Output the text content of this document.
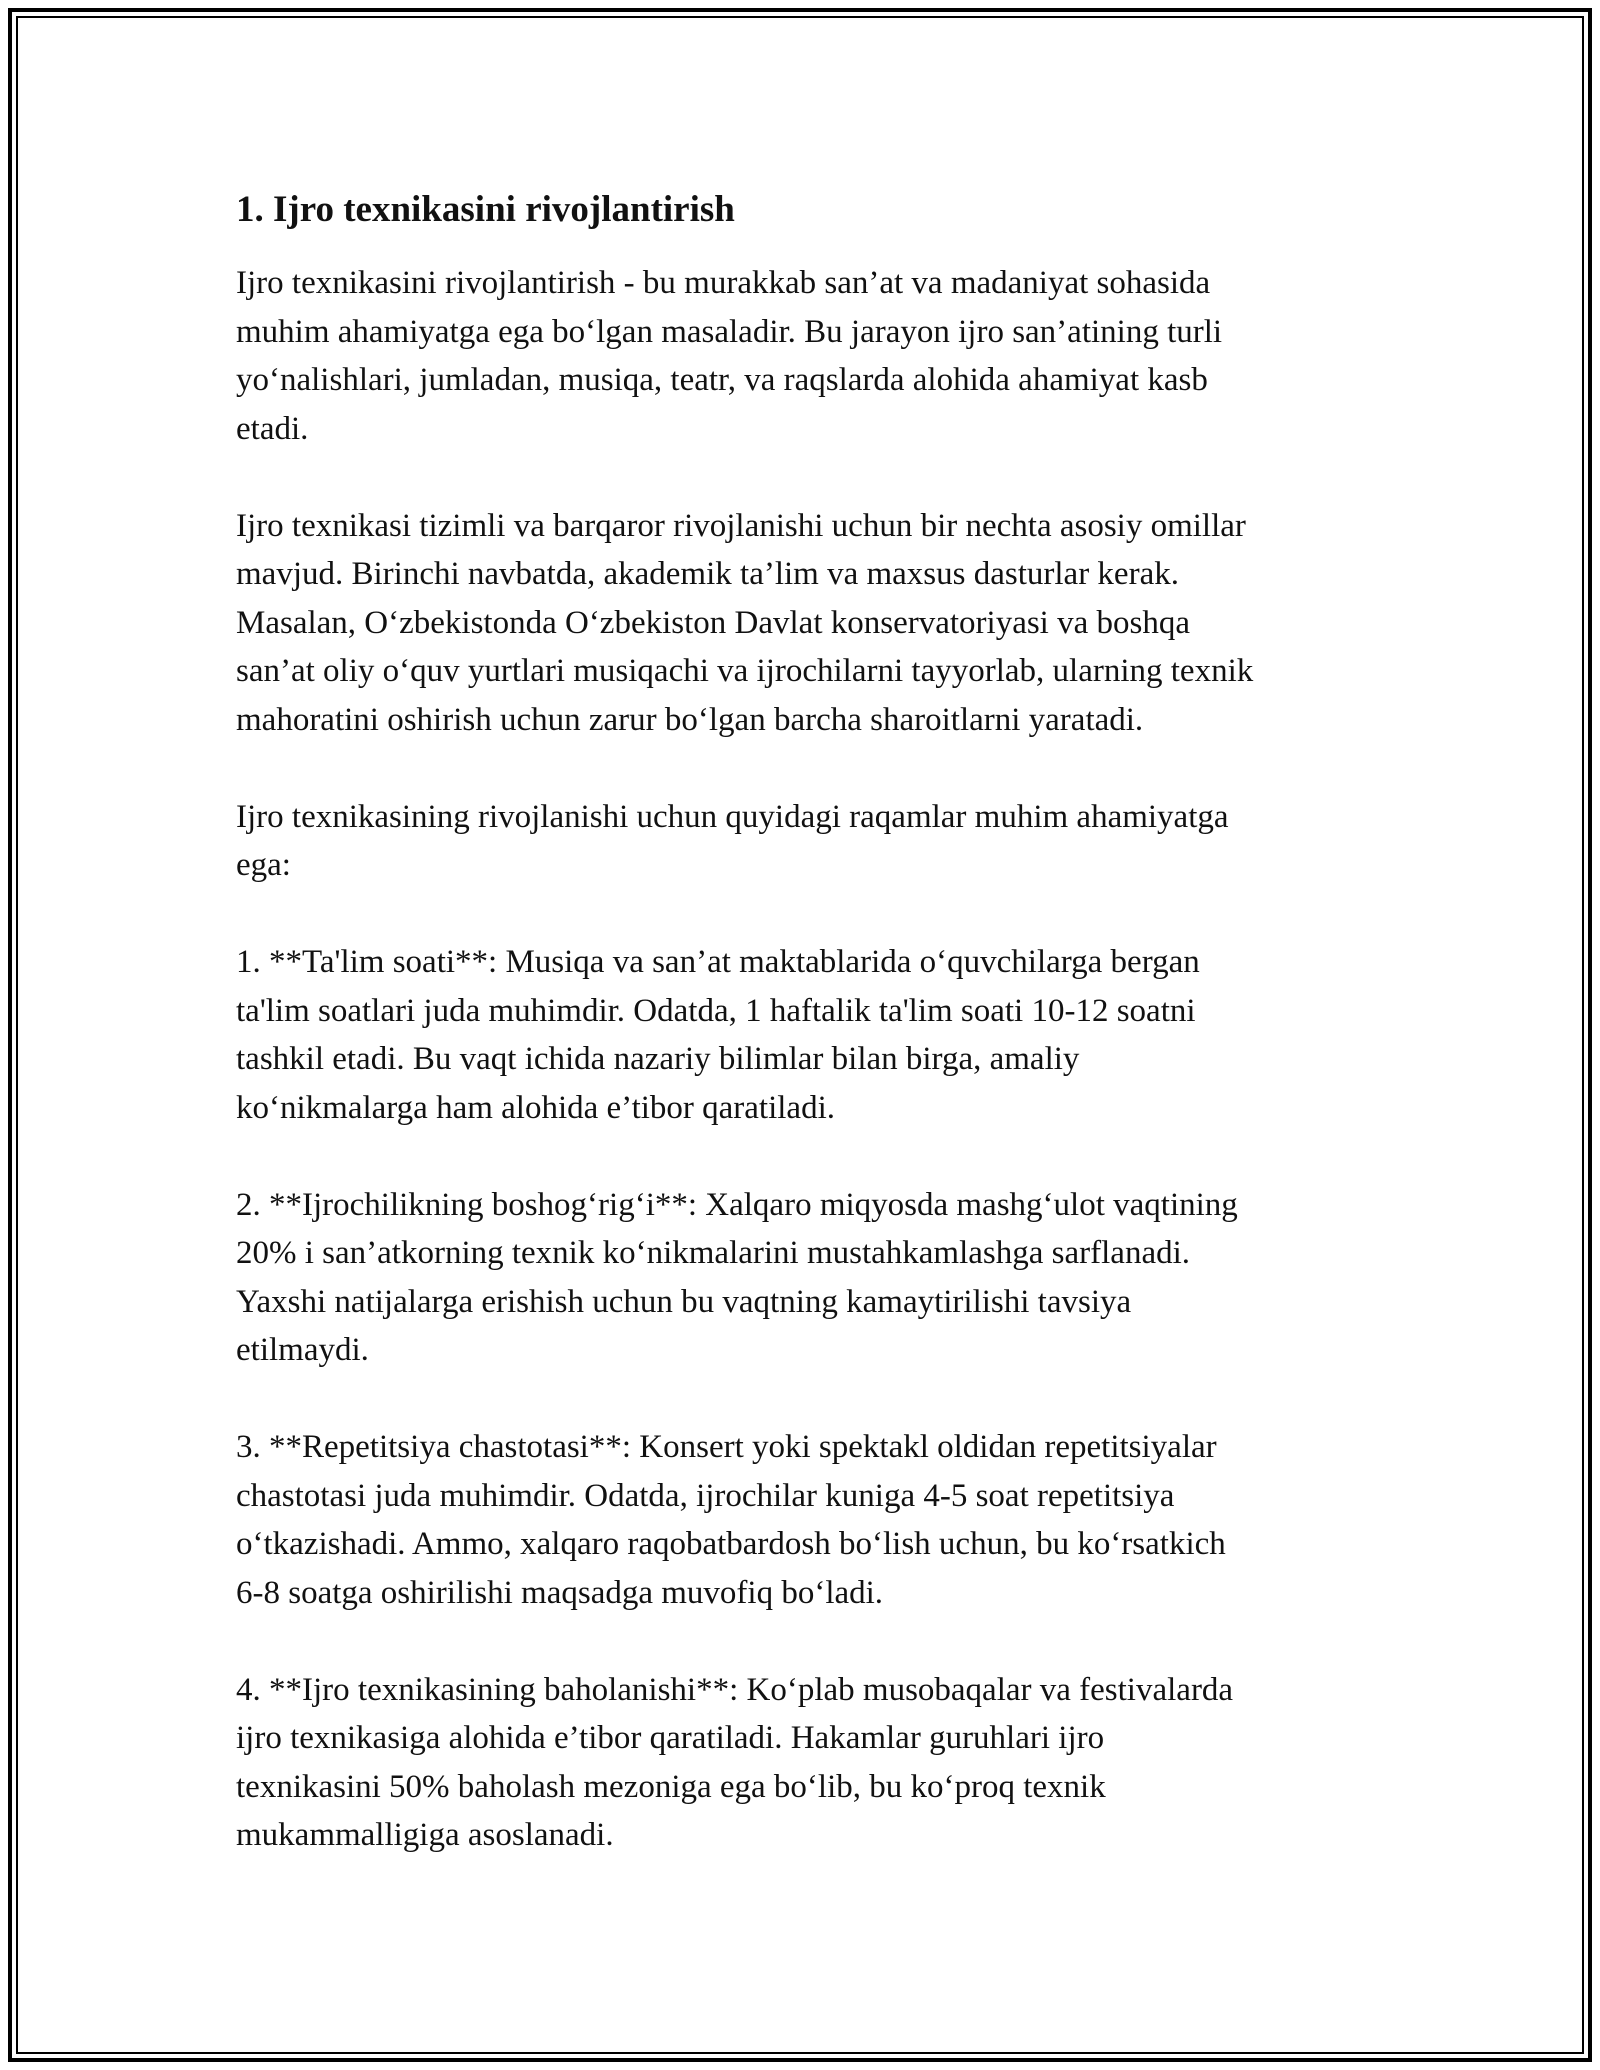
1. Ijro texnikasini rivojlantirish

Ijro texnikasini rivojlantirish - bu murakkab san’at va madaniyat sohasida
muhim ahamiyatga ega bo‘lgan masaladir. Bu jarayon ijro san’atining turli
yo‘nalishlari, jumladan, musiqa, teatr, va raqslarda alohida ahamiyat kasb
etadi.

Ijro texnikasi tizimli va barqaror rivojlanishi uchun bir nechta asosiy omillar
mavjud. Birinchi navbatda, akademik ta’lim va maxsus dasturlar kerak.
Masalan, O‘zbekistonda O‘zbekiston Davlat konservatoriyasi va boshqa
san’at oliy o‘quv yurtlari musiqachi va ijrochilarni tayyorlab, ularning texnik
mahoratini oshirish uchun zarur bo‘lgan barcha sharoitlarni yaratadi.

Ijro texnikasining rivojlanishi uchun quyidagi raqamlar muhim ahamiyatga
ega:

1. **Ta'lim soati**: Musiqa va san’at maktablarida o‘quvchilarga bergan
ta'lim soatlari juda muhimdir. Odatda, 1 haftalik ta'lim soati 10-12 soatni
tashkil etadi. Bu vaqt ichida nazariy bilimlar bilan birga, amaliy
ko‘nikmalarga ham alohida e’tibor qaratiladi.

2. **Ijrochilikning boshog‘rig‘i**: Xalqaro miqyosda mashg‘ulot vaqtining
20% i san’atkorning texnik ko‘nikmalarini mustahkamlashga sarflanadi.
Yaxshi natijalarga erishish uchun bu vaqtning kamaytirilishi tavsiya
etilmaydi.

3. **Repetitsiya chastotasi**: Konsert yoki spektakl oldidan repetitsiyalar
chastotasi juda muhimdir. Odatda, ijrochilar kuniga 4-5 soat repetitsiya
o‘tkazishadi. Ammo, xalqaro raqobatbardosh bo‘lish uchun, bu ko‘rsatkich
6-8 soatga oshirilishi maqsadga muvofiq bo‘ladi.

4. **Ijro texnikasining baholanishi**: Ko‘plab musobaqalar va festivalarda
ijro texnikasiga alohida e’tibor qaratiladi. Hakamlar guruhlari ijro
texnikasini 50% baholash mezoniga ega bo‘lib, bu ko‘proq texnik
mukammalligiga asoslanadi.
